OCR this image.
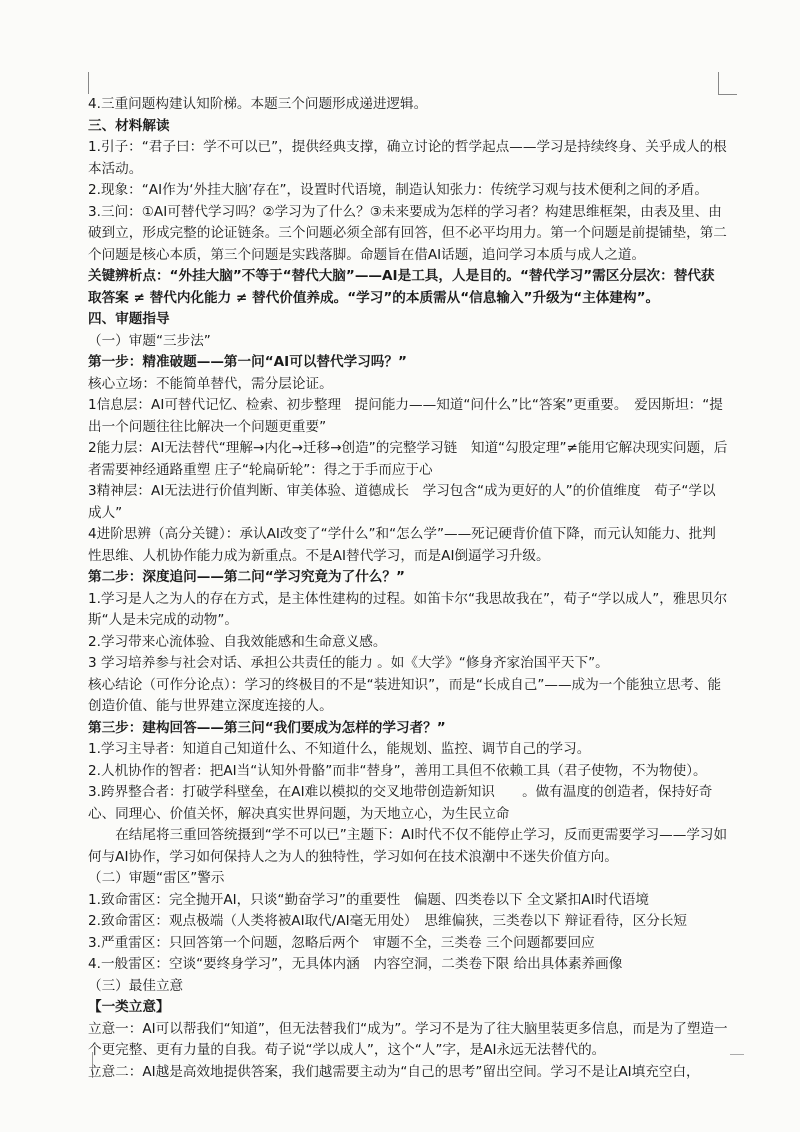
4.三重问题构建认知阶梯。本题三个问题形成递进逻辑。

三、材料解读

1.引子：“君子曰：学不可以已”，提供经典支撑，确立讨论的哲学起点——学习是持续终身、关乎成人的根本活动。

2.现象：“AI作为‘外挂大脑’存在”，设置时代语境，制造认知张力：传统学习观与技术便利之间的矛盾。

3.三问：①AI可替代学习吗？②学习为了什么？③未来要成为怎样的学习者？构建思维框架，由表及里、由破到立，形成完整的论证链条。三个问题必须全部有回答，但不必平均用力。第一个问题是前提铺垫，第二个问题是核心本质，第三个问题是实践落脚。命题旨在借AI话题，追问学习本质与成人之道。

关键辨析点：“外挂大脑”不等于“替代大脑”——AI是工具，人是目的。“替代学习”需区分层次：替代获取答案 ≠ 替代内化能力 ≠ 替代价值养成。“学习”的本质需从“信息输入”升级为“主体建构”。

四、审题指导

（一）审题“三步法”

第一步：精准破题——第一问“AI可以替代学习吗？”

核心立场：不能简单替代，需分层论证。

1信息层：AI可替代记忆、检索、初步整理　提问能力——知道“问什么”比“答案”更重要。　爱因斯坦：“提出一个问题往往比解决一个问题更重要”

2能力层：AI无法替代“理解→内化→迁移→创造”的完整学习链　知道“勾股定理”≠能用它解决现实问题，后者需要神经通路重塑 庄子“轮扁斫轮”：得之于手而应于心

3精神层：AI无法进行价值判断、审美体验、道德成长　学习包含“成为更好的人”的价值维度　荀子“学以成人”

4进阶思辨（高分关键）：承认AI改变了“学什么”和“怎么学”——死记硬背价值下降，而元认知能力、批判性思维、人机协作能力成为新重点。不是AI替代学习，而是AI倒逼学习升级。

第二步：深度追问——第二问“学习究竟为了什么？”

1.学习是人之为人的存在方式，是主体性建构的过程。如笛卡尔“我思故我在”，荀子“学以成人”，雅思贝尔斯“人是未完成的动物”。

2.学习带来心流体验、自我效能感和生命意义感。

3 学习培养参与社会对话、承担公共责任的能力 。如《大学》“修身齐家治国平天下”。

核心结论（可作分论点）：学习的终极目的不是“装进知识”，而是“长成自己”——成为一个能独立思考、能创造价值、能与世界建立深度连接的人。

第三步：建构回答——第三问“我们要成为怎样的学习者？”

1.学习主导者：知道自己知道什么、不知道什么，能规划、监控、调节自己的学习。

2.人机协作的智者：把AI当“认知外骨骼”而非“替身”，善用工具但不依赖工具（君子使物，不为物使）。

3.跨界整合者：打破学科壁垒，在AI难以模拟的交叉地带创造新知识　　。做有温度的创造者，保持好奇心、同理心、价值关怀，解决真实世界问题，为天地立心，为生民立命

在结尾将三重回答统摄到“学不可以已”主题下：AI时代不仅不能停止学习，反而更需要学习——学习如何与AI协作，学习如何保持人之为人的独特性，学习如何在技术浪潮中不迷失价值方向。

（二）审题“雷区”警示

1.致命雷区：完全抛开AI，只谈“勤奋学习”的重要性　偏题、四类卷以下 全文紧扣AI时代语境

2.致命雷区：观点极端（人类将被AI取代/AI毫无用处）　思维偏狭，三类卷以下 辩证看待，区分长短

3.严重雷区：只回答第一个问题，忽略后两个　审题不全，三类卷 三个问题都要回应

4.一般雷区：空谈“要终身学习”，无具体内涵　内容空洞，二类卷下限 给出具体素养画像

（三）最佳立意

【一类立意】

立意一：AI可以帮我们“知道”，但无法替我们“成为”。学习不是为了往大脑里装更多信息，而是为了塑造一个更完整、更有力量的自我。荀子说“学以成人”，这个“人”字，是AI永远无法替代的。

立意二：AI越是高效地提供答案，我们越需要主动为“自己的思考”留出空间。学习不是让AI填充空白，
